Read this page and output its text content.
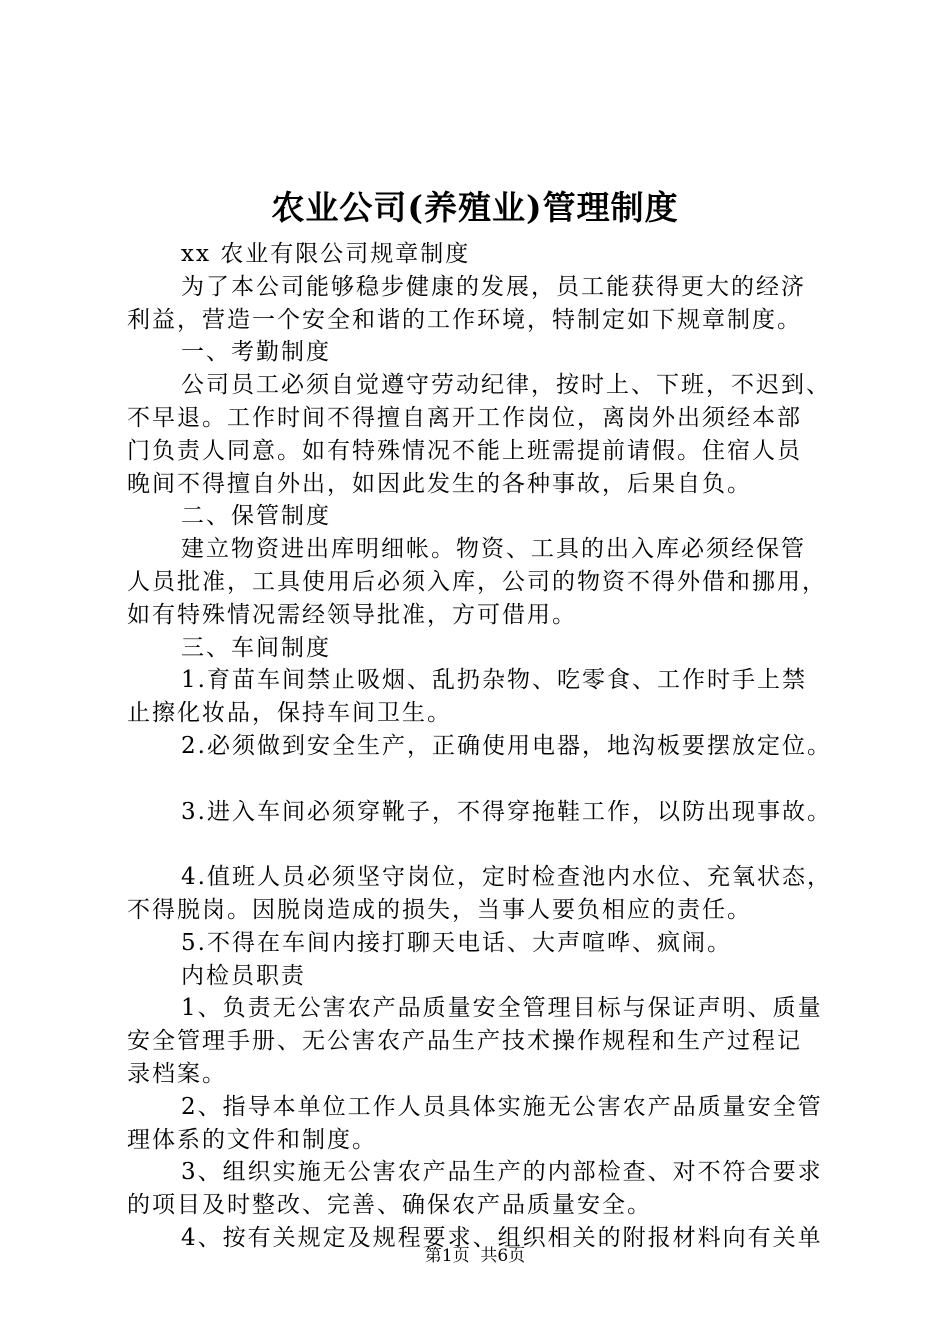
农业公司(养殖业)管理制度
xx 农业有限公司规章制度
为了本公司能够稳步健康的发展，员工能获得更大的经济
利益，营造一个安全和谐的工作环境，特制定如下规章制度。
一、考勤制度
公司员工必须自觉遵守劳动纪律，按时上、下班，不迟到、
不早退。工作时间不得擅自离开工作岗位，离岗外出须经本部
门负责人同意。如有特殊情况不能上班需提前请假。住宿人员
晚间不得擅自外出，如因此发生的各种事故，后果自负。
二、保管制度
建立物资进出库明细帐。物资、工具的出入库必须经保管
人员批准，工具使用后必须入库，公司的物资不得外借和挪用，
如有特殊情况需经领导批准，方可借用。
三、车间制度
1.育苗车间禁止吸烟、乱扔杂物、吃零食、工作时手上禁
止擦化妆品，保持车间卫生。
2.必须做到安全生产，正确使用电器，地沟板要摆放定位。
3.进入车间必须穿靴子，不得穿拖鞋工作，以防出现事故。
4.值班人员必须坚守岗位，定时检查池内水位、充氧状态，
不得脱岗。因脱岗造成的损失，当事人要负相应的责任。
5.不得在车间内接打聊天电话、大声喧哗、疯闹。
内检员职责
1、负责无公害农产品质量安全管理目标与保证声明、质量
安全管理手册、无公害农产品生产技术操作规程和生产过程记
录档案。
2、指导本单位工作人员具体实施无公害农产品质量安全管
理体系的文件和制度。
3、组织实施无公害农产品生产的内部检查、对不符合要求
的项目及时整改、完善、确保农产品质量安全。
4、按有关规定及规程要求、组织相关的附报材料向有关单
第1页  共6页
